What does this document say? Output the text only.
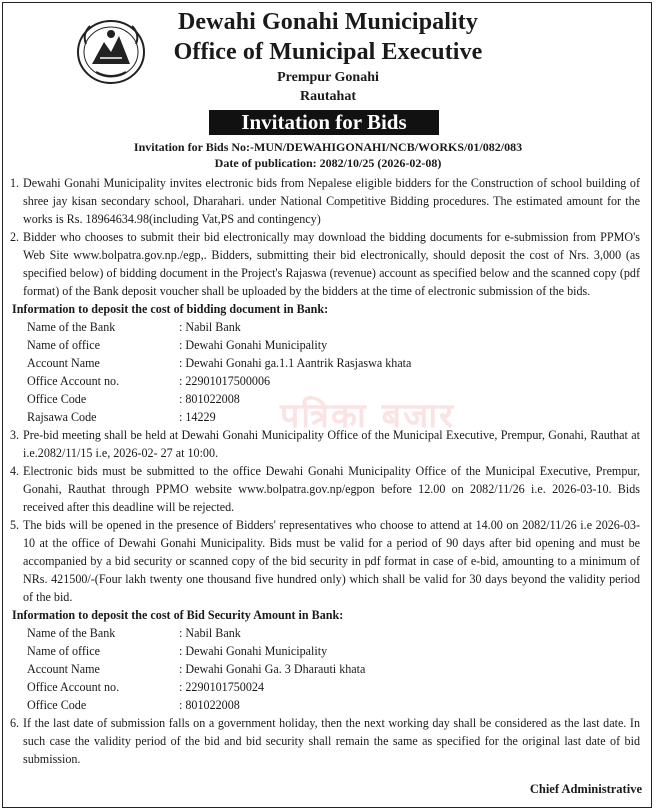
Dewahi Gonahi Municipality
Office of Municipal Executive
Prempur Gonahi
Rautahat
Invitation for Bids
Invitation for Bids No:-MUN/DEWAHIGONAHI/NCB/WORKS/01/082/083
Date of publication: 2082/10/25 (2026-02-08)
पत्रिका बजार
1. Dewahi Gonahi Municipality invites electronic bids from Nepalese eligible bidders for the Construction of school building of shree jay kisan secondary school, Dharahari. under National Competitive Bidding procedures. The estimated amount for the works is Rs. 18964634.98(including Vat,PS and contingency)
2. Bidder who chooses to submit their bid electronically may download the bidding documents for e-submission from PPMO's Web Site www.bolpatra.gov.np./egp,. Bidders, submitting their bid electronically, should deposit the cost of Nrs. 3,000 (as specified below) of bidding document in the Project's Rajaswa (revenue) account as specified below and the scanned copy (pdf format) of the Bank deposit voucher shall be uploaded by the bidders at the time of electronic submission of the bids.
Information to deposit the cost of bidding document in Bank:
Name of the Bank	: Nabil Bank
Name of office	: Dewahi Gonahi Municipality
Account Name	: Dewahi Gonahi ga.1.1 Aantrik Rasjaswa khata
Office Account no.	: 22901017500006
Office Code	: 801022008
Rajsawa Code	: 14229
3. Pre-bid meeting shall be held at Dewahi Gonahi Municipality Office of the Municipal Executive, Prempur, Gonahi, Rauthat at i.e.2082/11/15 i.e, 2026-02- 27 at 10:00.
4. Electronic bids must be submitted to the office Dewahi Gonahi Municipality Office of the Municipal Executive, Prempur, Gonahi, Rauthat through PPMO website www.bolpatra.gov.np/egpon before 12.00 on 2082/11/26 i.e. 2026-03-10. Bids received after this deadline will be rejected.
5. The bids will be opened in the presence of Bidders' representatives who choose to attend at 14.00 on 2082/11/26 i.e 2026-03-10 at the office of Dewahi Gonahi Municipality. Bids must be valid for a period of 90 days after bid opening and must be accompanied by a bid security or scanned copy of the bid security in pdf format in case of e-bid, amounting to a minimum of NRs. 421500/-(Four lakh twenty one thousand five hundred only) which shall be valid for 30 days beyond the validity period of the bid.
Information to deposit the cost of Bid Security Amount in Bank:
Name of the Bank	: Nabil Bank
Name of office	: Dewahi Gonahi Municipality
Account Name	: Dewahi Gonahi Ga. 3 Dharauti khata
Office Account no.	: 2290101750024
Office Code	: 801022008
6. If the last date of submission falls on a government holiday, then the next working day shall be considered as the last date. In such case the validity period of the bid and bid security shall remain the same as specified for the original last date of bid submission.
Chief Administrative
